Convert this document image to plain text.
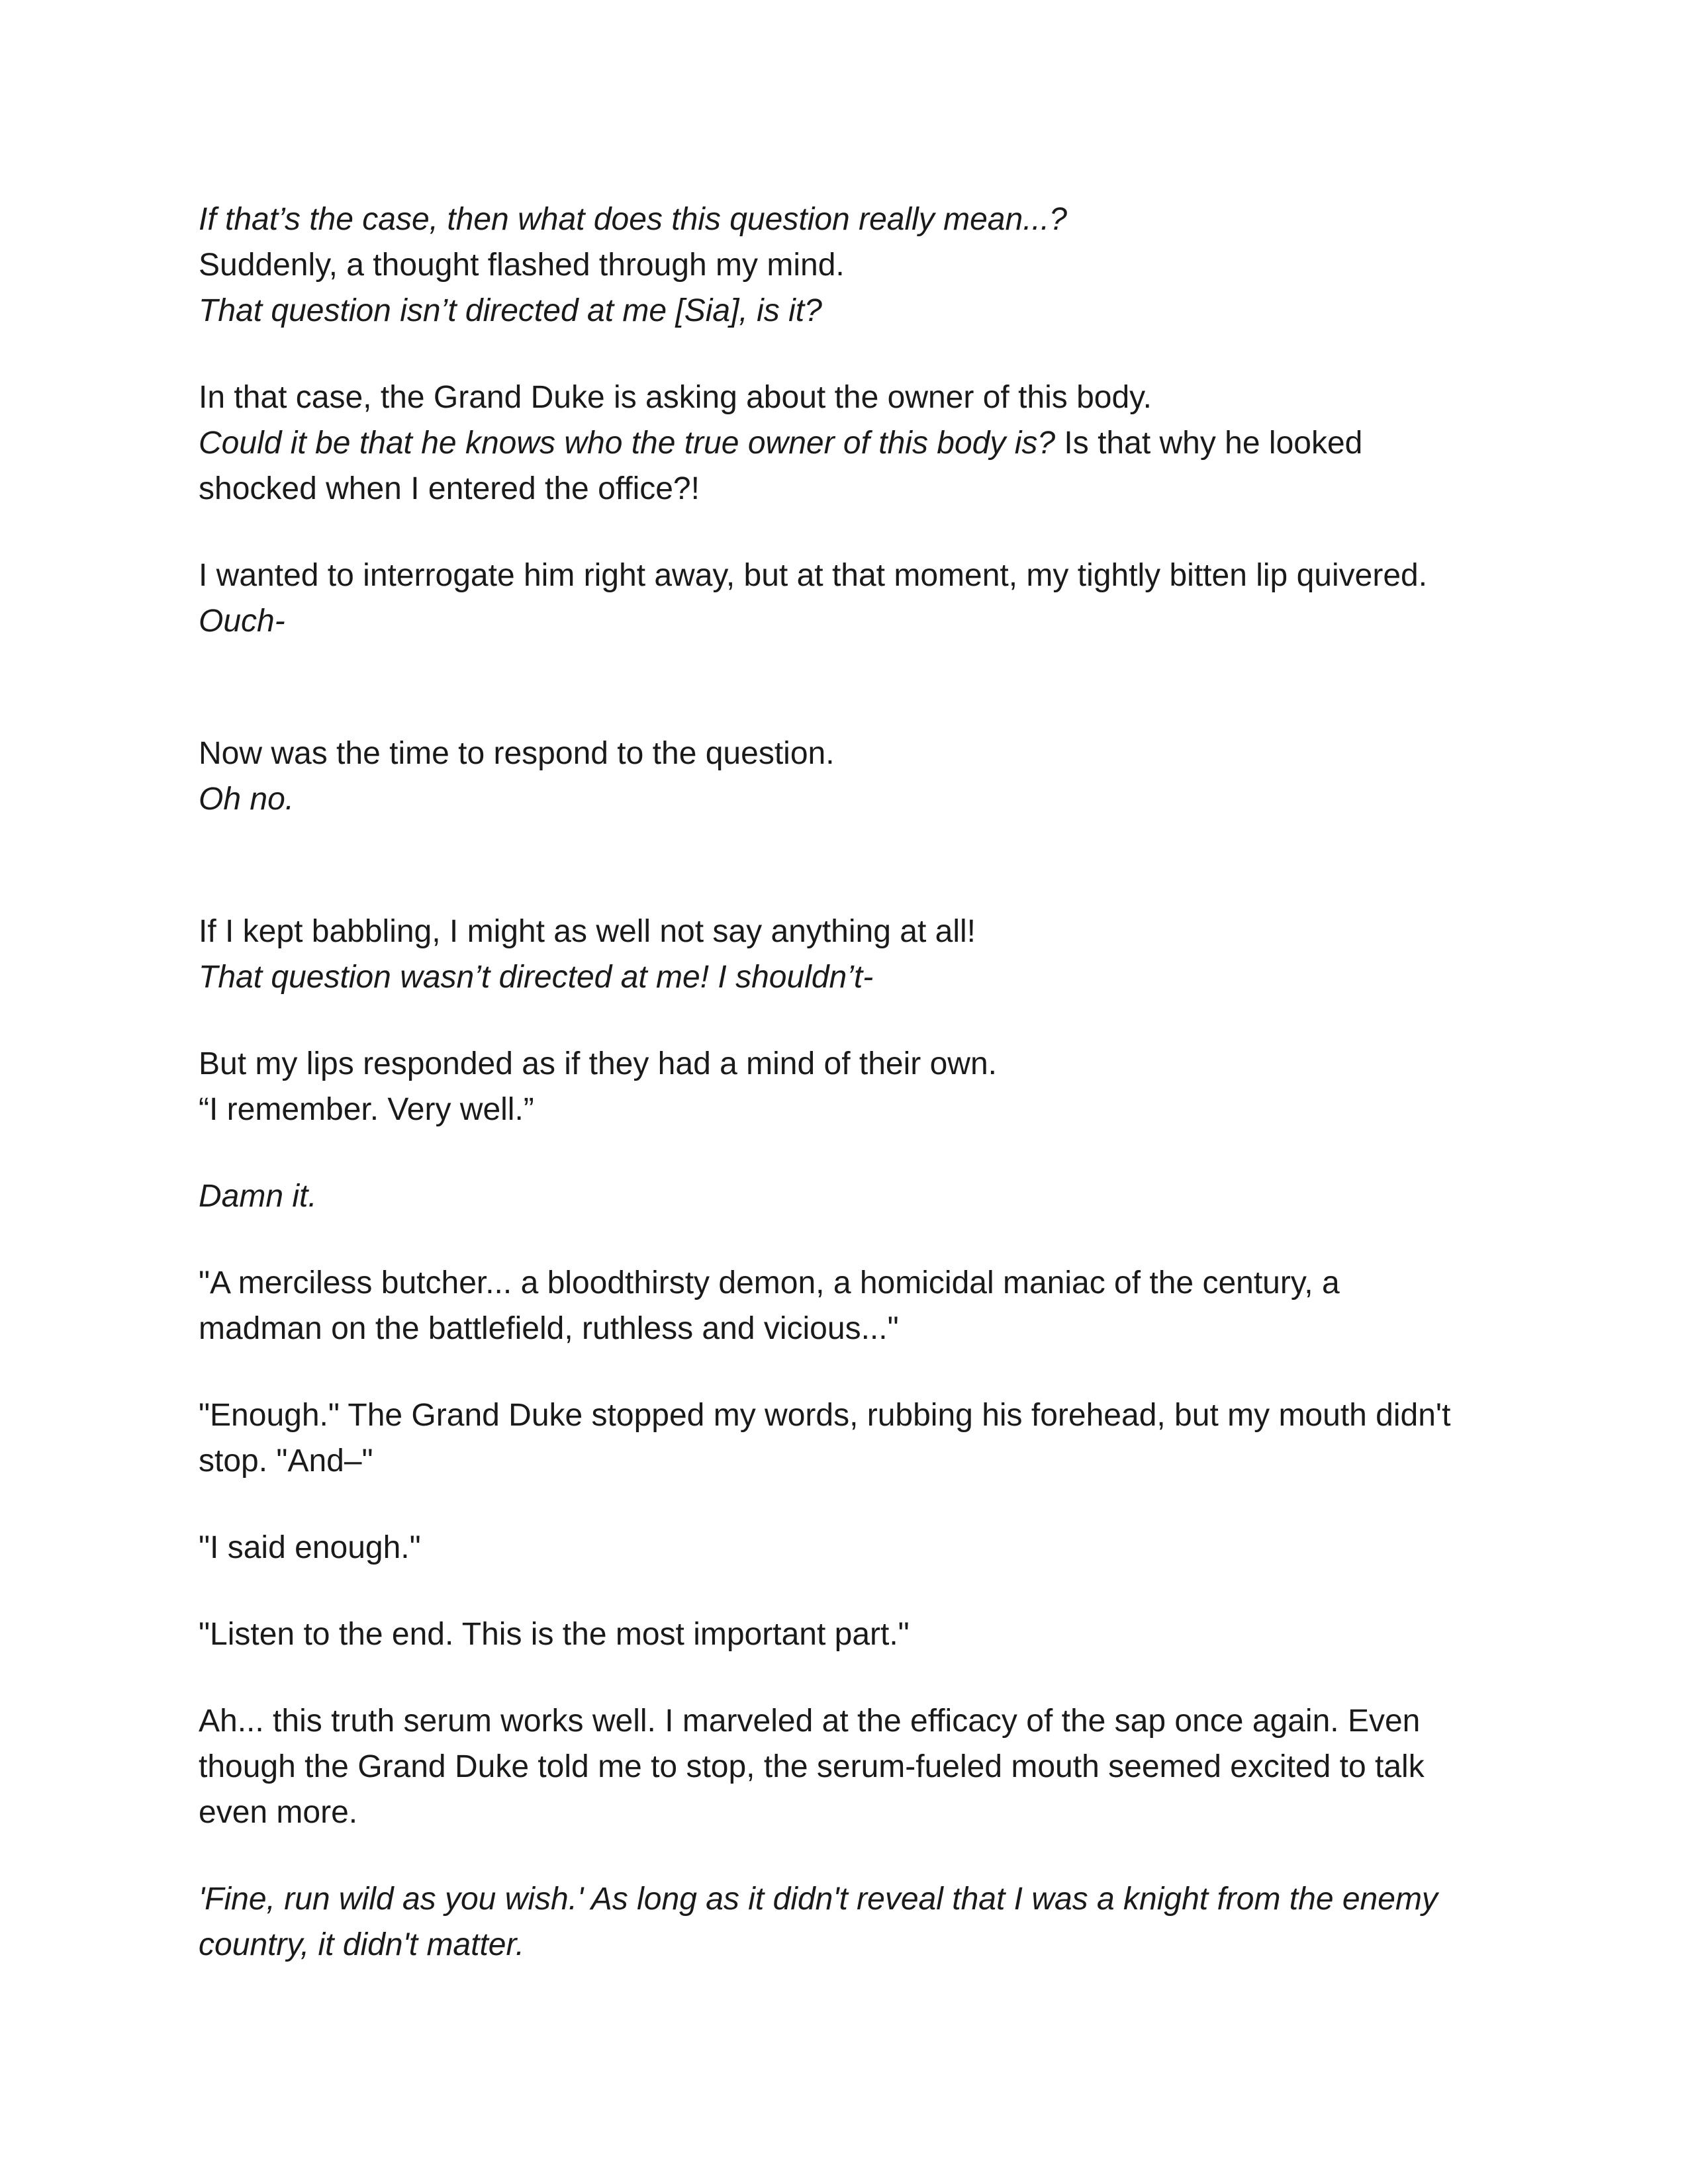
If that’s the case, then what does this question really mean...?
Suddenly, a thought flashed through my mind.
That question isn’t directed at me [Sia], is it?
In that case, the Grand Duke is asking about the owner of this body.
Could it be that he knows who the true owner of this body is? Is that why he looked
shocked when I entered the office?!
I wanted to interrogate him right away, but at that moment, my tightly bitten lip quivered.
Ouch-
Now was the time to respond to the question.
Oh no.
If I kept babbling, I might as well not say anything at all!
That question wasn’t directed at me! I shouldn’t-
But my lips responded as if they had a mind of their own.
“I remember. Very well.”
Damn it.
"A merciless butcher... a bloodthirsty demon, a homicidal maniac of the century, a
madman on the battlefield, ruthless and vicious..."
"Enough." The Grand Duke stopped my words, rubbing his forehead, but my mouth didn't
stop. "And–"
"I said enough."
"Listen to the end. This is the most important part."
Ah... this truth serum works well. I marveled at the efficacy of the sap once again. Even
though the Grand Duke told me to stop, the serum-fueled mouth seemed excited to talk
even more.
'Fine, run wild as you wish.' As long as it didn't reveal that I was a knight from the enemy
country, it didn't matter.
